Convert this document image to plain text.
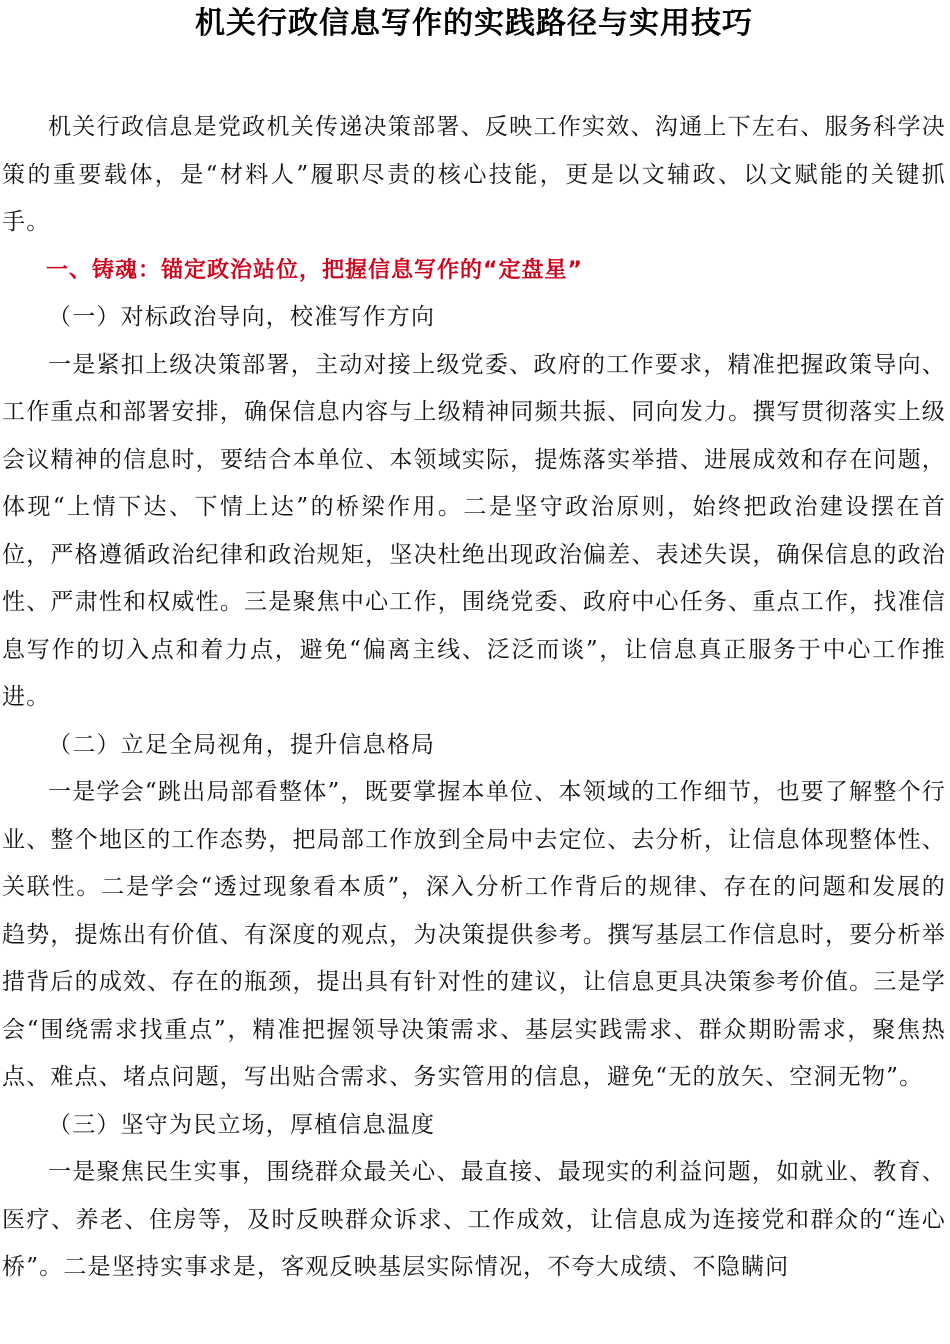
机关行政信息写作的实践路径与实用技巧

机关行政信息是党政机关传递决策部署、反映工作实效、沟通上下左右、服务科学决策的重要载体，是“材料人”履职尽责的核心技能，更是以文辅政、以文赋能的关键抓手。

一、铸魂：锚定政治站位，把握信息写作的“定盘星”

（一）对标政治导向，校准写作方向

一是紧扣上级决策部署，主动对接上级党委、政府的工作要求，精准把握政策导向、工作重点和部署安排，确保信息内容与上级精神同频共振、同向发力。撰写贯彻落实上级会议精神的信息时，要结合本单位、本领域实际，提炼落实举措、进展成效和存在问题，体现“上情下达、下情上达”的桥梁作用。二是坚守政治原则，始终把政治建设摆在首位，严格遵循政治纪律和政治规矩，坚决杜绝出现政治偏差、表述失误，确保信息的政治性、严肃性和权威性。三是聚焦中心工作，围绕党委、政府中心任务、重点工作，找准信息写作的切入点和着力点，避免“偏离主线、泛泛而谈”，让信息真正服务于中心工作推进。

（二）立足全局视角，提升信息格局

一是学会“跳出局部看整体”，既要掌握本单位、本领域的工作细节，也要了解整个行业、整个地区的工作态势，把局部工作放到全局中去定位、去分析，让信息体现整体性、关联性。二是学会“透过现象看本质”，深入分析工作背后的规律、存在的问题和发展的趋势，提炼出有价值、有深度的观点，为决策提供参考。撰写基层工作信息时，要分析举措背后的成效、存在的瓶颈，提出具有针对性的建议，让信息更具决策参考价值。三是学会“围绕需求找重点”，精准把握领导决策需求、基层实践需求、群众期盼需求，聚焦热点、难点、堵点问题，写出贴合需求、务实管用的信息，避免“无的放矢、空洞无物”。

（三）坚守为民立场，厚植信息温度

一是聚焦民生实事，围绕群众最关心、最直接、最现实的利益问题，如就业、教育、医疗、养老、住房等，及时反映群众诉求、工作成效，让信息成为连接党和群众的“连心桥”。二是坚持实事求是，客观反映基层实际情况，不夸大成绩、不隐瞒问
